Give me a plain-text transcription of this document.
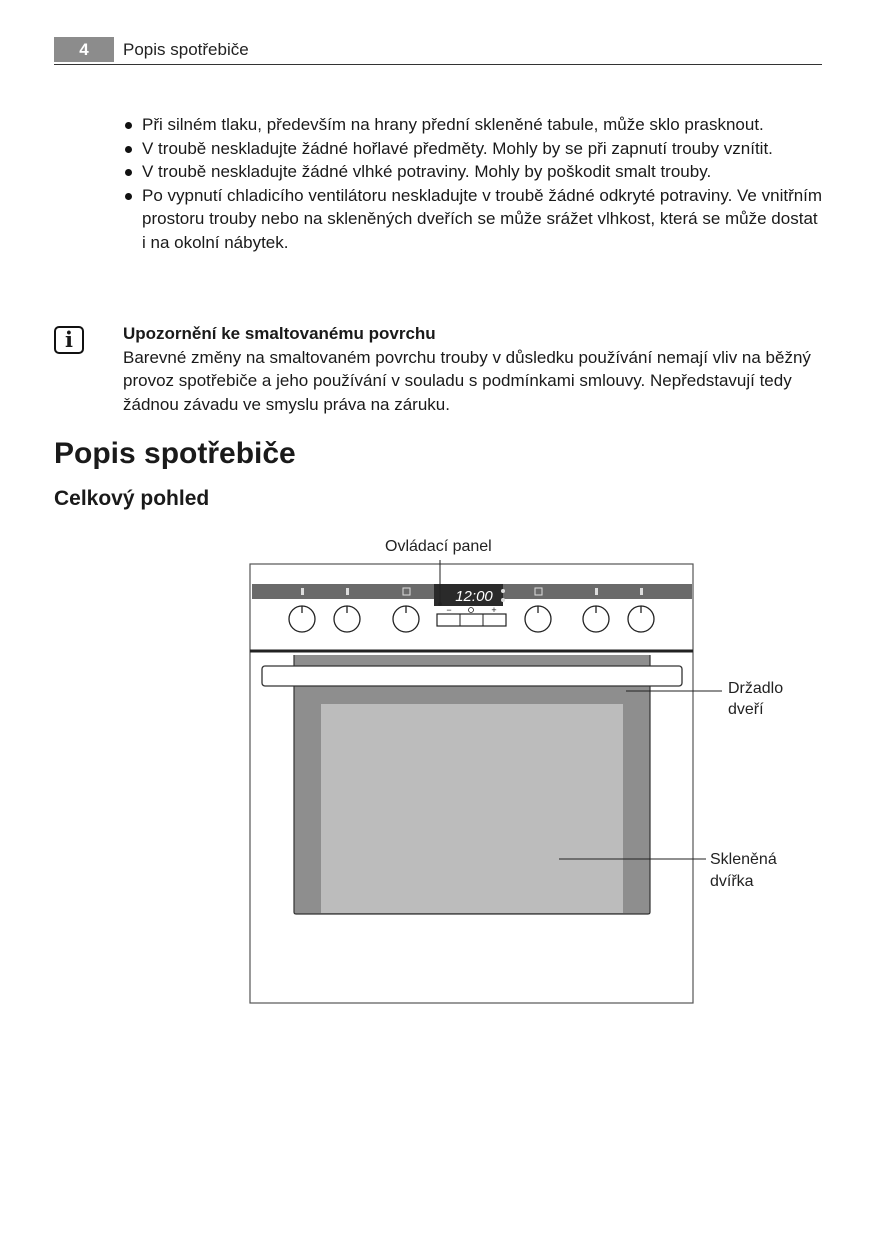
4	Popis spotřebiče
Při silném tlaku, především na hrany přední skleněné tabule, může sklo prasknout.
V troubě neskladujte žádné hořlavé předměty. Mohly by se při zapnutí trouby vznítit.
V troubě neskladujte žádné vlhké potraviny. Mohly by poškodit smalt trouby.
Po vypnutí chladicího ventilátoru neskladujte v troubě žádné odkryté potraviny. Ve vnitřním prostoru trouby nebo na skleněných dveřích se může srážet vlhkost, která se může dostat i na okolní nábytek.
i	Upozornění ke smaltovanému povrchu
Barevné změny na smaltovaném povrchu trouby v důsledku používání nemají vliv na běžný provoz spotřebiče a jeho používání v souladu s podmínkami smlouvy. Nepředstavují tedy žádnou závadu ve smyslu práva na záruku.
Popis spotřebiče
Celkový pohled
12:00
−	+
Ovládací panel
Držadlo
dveří
Skleněná
dvířka
